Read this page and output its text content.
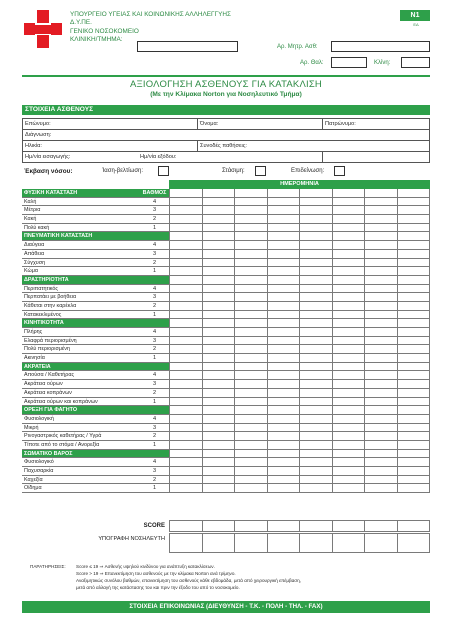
ΥΠΟΥΡΓΕΙΟ ΥΓΕΙΑΣ ΚΑΙ ΚΟΙΝΩΝΙΚΗΣ ΑΛΛΗΛΕΓΓΥΗΣ
Δ.Υ.ΠΕ.
ΓΕΝΙΚΟ ΝΟΣΟΚΟΜΕΙΟ
ΚΛΙΝΙΚΗ/ΤΜΗΜΑ:
Ν1
ΕΔ
Αρ. Μητρ. Ασθ:
Αρ. Θαλ:	Κλίνη:
ΑΞΙΟΛΟΓΗΣΗ ΑΣΘΕΝΟΥΣ ΓΙΑ ΚΑΤΑΚΛΙΣΗ
(Με την Κλίμακα Norton για Νοσηλευτικό Τμήμα)
ΣΤΟΙΧΕΙΑ ΑΣΘΕΝΟΥΣ
Επώνυμο:	Όνομα:	Πατρώνυμο:
Διάγνωση:		
Ηλικία:	Συνοδές παθήσεις:	
Ημ/νία εισαγωγής:			Ημ/νία εξόδου:
Έκβαση νόσου:	Ίαση-βελτίωση:	Στάσιμη:	Επιδείνωση:
ΗΜΕΡΟΜΗΝΙΑ
ΦΥΣΙΚΗ ΚΑΤΑΣΤΑΣΗ	ΒΑΘΜΟΣ
Καλή	4
Μέτρια	3
Κακή	2
Πολύ κακή	1
ΠΝΕΥΜΑΤΙΚΗ ΚΑΤΑΣΤΑΣΗ
Διαύγεια	4
Απάθεια	3
Σύγχυση	2
Κώμα	1
ΔΡΑΣΤΗΡΙΟΤΗΤΑ
Περιπατητικός	4
Περπατάει με βοήθεια	3
Κάθεται στην καρέκλα	2
Κατακεκλιμένος	1
ΚΙΝΗΤΙΚΟΤΗΤΑ
Πλήρης	4
Ελαφρά περιορισμένη	3
Πολύ περιορισμένη	2
Ακινησία	1
ΑΚΡΑΤΕΙΑ
Απούσα / Καθετήρας	4
Ακράτεια ούρων	3
Ακράτεια κοπράνων	2
Ακράτεια ούρων και κοπράνων	1
ΟΡΕΞΗ ΓΙΑ ΦΑΓΗΤΟ
Φυσιολογική	4
Μικρή	3
Ρινογαστρικός καθετήρας / Υγρά	2
Τίποτε από το στόμα / Ανορεξία	1
ΣΩΜΑΤΙΚΟ ΒΑΡΟΣ
Φυσιολογικό	4
Παχυσαρκία	3
Καχεξία	2
Οίδημα	1
SCORE
ΥΠΟΓΡΑΦΗ ΝΟΣΗΛΕΥΤΗ
ΠΑΡΑΤΗΡΗΣΕΙΣ: Score ≤ 19 ⇒ Ασθενής υψηλού κινδύνου για ανάπτυξη κατακλίσεων.
Score > 19 ⇒ Επανεκτίμηση του ασθενούς με την κλίμακα Norton ανά τρίμηνο.
Αναξιμητικώς συνόλου βαθμών, επανεκτίμηση του ασθενούς κάθε εβδομάδα, μετά από χειρουργική επέμβαση,
μετά από αλλαγή της κατάστασης του και πριν την έξοδο του από το νοσοκομείο.
ΣΤΟΙΧΕΙΑ ΕΠΙΚΟΙΝΩΝΙΑΣ (ΔΙΕΥΘΥΝΣΗ - Τ.Κ. - ΠΟΛΗ - ΤΗΛ. - FAX)
